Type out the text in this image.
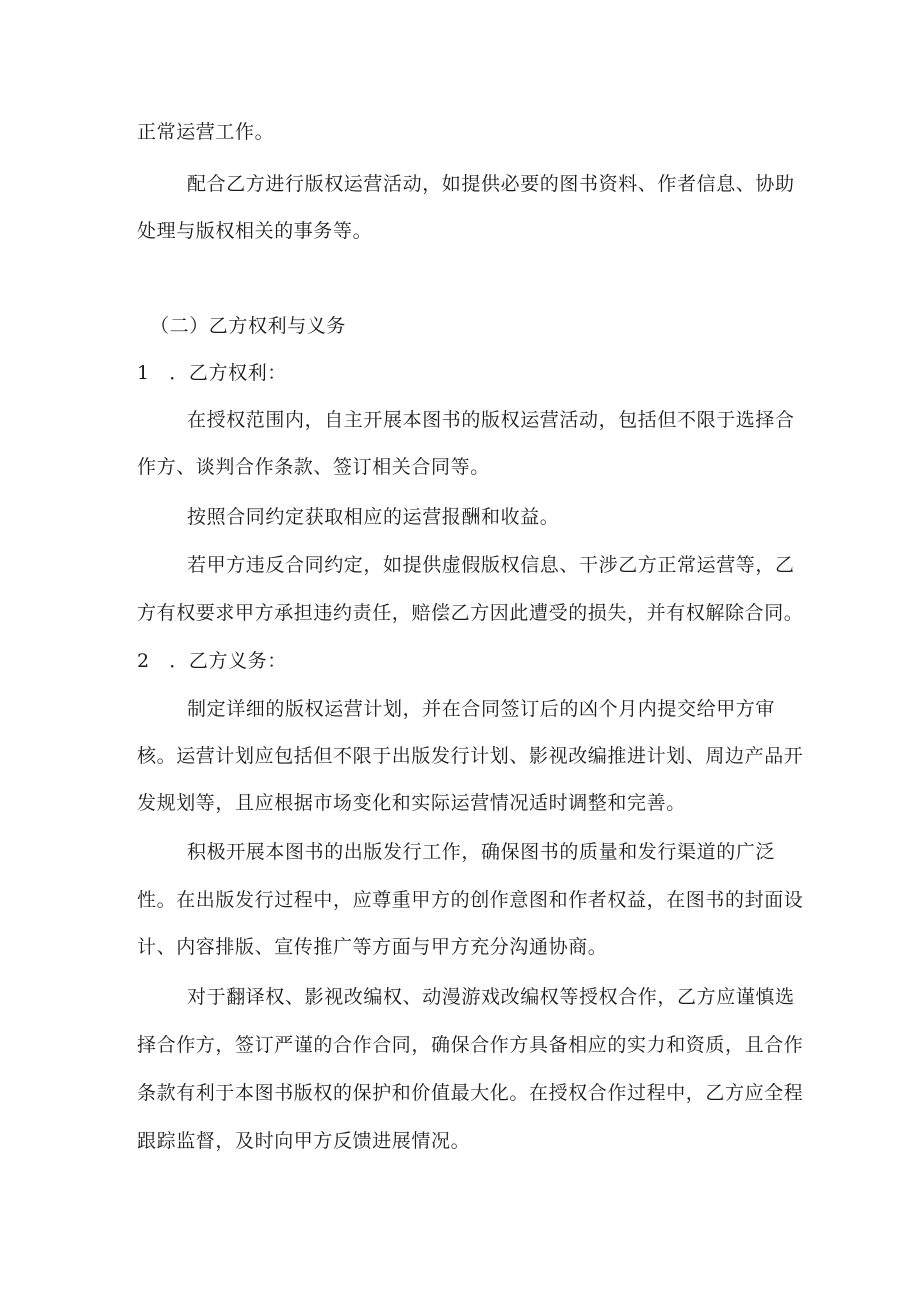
正常运营工作。
配合乙方进行版权运营活动，如提供必要的图书资料、作者信息、协助
处理与版权相关的事务等。
（二）乙方权利与义务
1　．乙方权利：
在授权范围内，自主开展本图书的版权运营活动，包括但不限于选择合
作方、谈判合作条款、签订相关合同等。
按照合同约定获取相应的运营报酬和收益。
若甲方违反合同约定，如提供虚假版权信息、干涉乙方正常运营等，乙
方有权要求甲方承担违约责任，赔偿乙方因此遭受的损失，并有权解除合同。
2　．乙方义务：
制定详细的版权运营计划，并在合同签订后的凶个月内提交给甲方审
核。运营计划应包括但不限于出版发行计划、影视改编推进计划、周边产品开
发规划等，且应根据市场变化和实际运营情况适时调整和完善。
积极开展本图书的出版发行工作，确保图书的质量和发行渠道的广泛
性。在出版发行过程中，应尊重甲方的创作意图和作者权益，在图书的封面设
计、内容排版、宣传推广等方面与甲方充分沟通协商。
对于翻译权、影视改编权、动漫游戏改编权等授权合作，乙方应谨慎选
择合作方，签订严谨的合作合同，确保合作方具备相应的实力和资质，且合作
条款有利于本图书版权的保护和价值最大化。在授权合作过程中，乙方应全程
跟踪监督，及时向甲方反馈进展情况。
